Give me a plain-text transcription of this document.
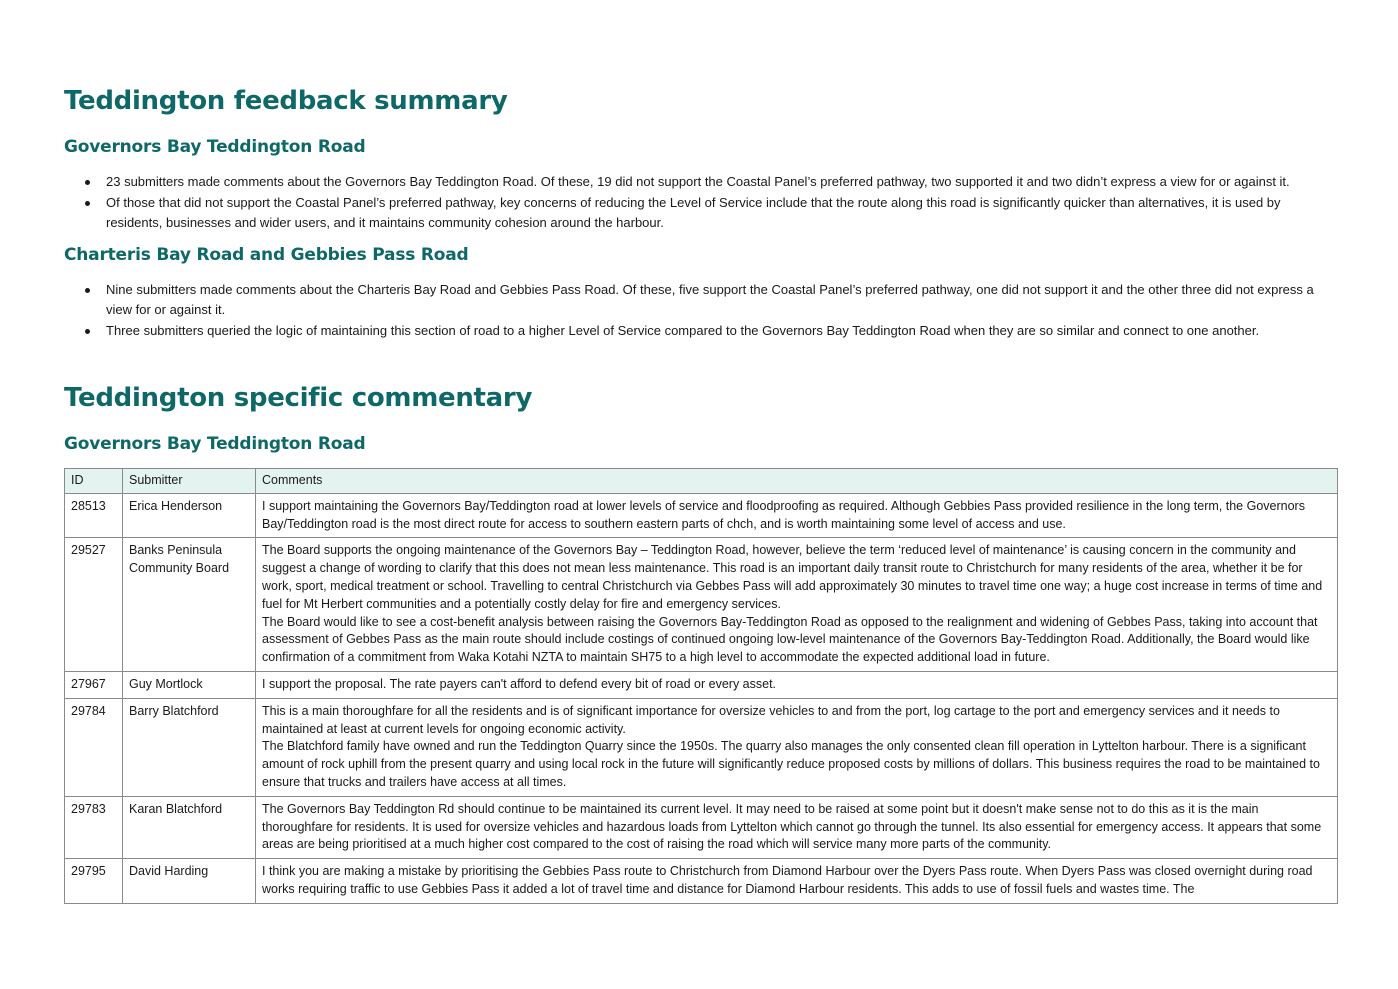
Teddington feedback summary
Governors Bay Teddington Road
23 submitters made comments about the Governors Bay Teddington Road. Of these, 19 did not support the Coastal Panel’s preferred pathway, two supported it and two didn’t express a view for or against it.
Of those that did not support the Coastal Panel’s preferred pathway, key concerns of reducing the Level of Service include that the route along this road is significantly quicker than alternatives, it is used by residents, businesses and wider users, and it maintains community cohesion around the harbour.
Charteris Bay Road and Gebbies Pass Road
Nine submitters made comments about the Charteris Bay Road and Gebbies Pass Road. Of these, five support the Coastal Panel’s preferred pathway, one did not support it and the other three did not express a view for or against it.
Three submitters queried the logic of maintaining this section of road to a higher Level of Service compared to the Governors Bay Teddington Road when they are so similar and connect to one another.
Teddington specific commentary
Governors Bay Teddington Road
ID	Submitter	Comments
28513	Erica Henderson	I support maintaining the Governors Bay/Teddington road at lower levels of service and floodproofing as required. Although Gebbies Pass provided resilience in the long term, the Governors Bay/Teddington road is the most direct route for access to southern eastern parts of chch, and is worth maintaining some level of access and use.

29527	Banks Peninsula Community Board	The Board supports the ongoing maintenance of the Governors Bay – Teddington Road, however, believe the term ‘reduced level of maintenance’ is causing concern in the community and suggest a change of wording to clarify that this does not mean less maintenance. This road is an important daily transit route to Christchurch for many residents of the area, whether it be for work, sport, medical treatment or school. Travelling to central Christchurch via Gebbes Pass will add approximately 30 minutes to travel time one way; a huge cost increase in terms of time and fuel for Mt Herbert communities and a potentially costly delay for fire and emergency services.
The Board would like to see a cost-benefit analysis between raising the Governors Bay-Teddington Road as opposed to the realignment and widening of Gebbes Pass, taking into account that assessment of Gebbes Pass as the main route should include costings of continued ongoing low-level maintenance of the Governors Bay-Teddington Road. Additionally, the Board would like confirmation of a commitment from Waka Kotahi NZTA to maintain SH75 to a high level to accommodate the expected additional load in future.

27967	Guy Mortlock	I support the proposal. The rate payers can't afford to defend every bit of road or every asset.

29784	Barry Blatchford	This is a main thoroughfare for all the residents and is of significant importance for oversize vehicles to and from the port, log cartage to the port and emergency services and it needs to maintained at least at current levels for ongoing economic activity.
The Blatchford family have owned and run the Teddington Quarry since the 1950s. The quarry also manages the only consented clean fill operation in Lyttelton harbour. There is a significant amount of rock uphill from the present quarry and using local rock in the future will significantly reduce proposed costs by millions of dollars. This business requires the road to be maintained to ensure that trucks and trailers have access at all times.

29783	Karan Blatchford	The Governors Bay Teddington Rd should continue to be maintained its current level. It may need to be raised at some point but it doesn't make sense not to do this as it is the main thoroughfare for residents. It is used for oversize vehicles and hazardous loads from Lyttelton which cannot go through the tunnel. Its also essential for emergency access. It appears that some areas are being prioritised at a much higher cost compared to the cost of raising the road which will service many more parts of the community.

29795	David Harding	I think you are making a mistake by prioritising the Gebbies Pass route to Christchurch from Diamond Harbour over the Dyers Pass route. When Dyers Pass was closed overnight during road works requiring traffic to use Gebbies Pass it added a lot of travel time and distance for Diamond Harbour residents. This adds to use of fossil fuels and wastes time. The
